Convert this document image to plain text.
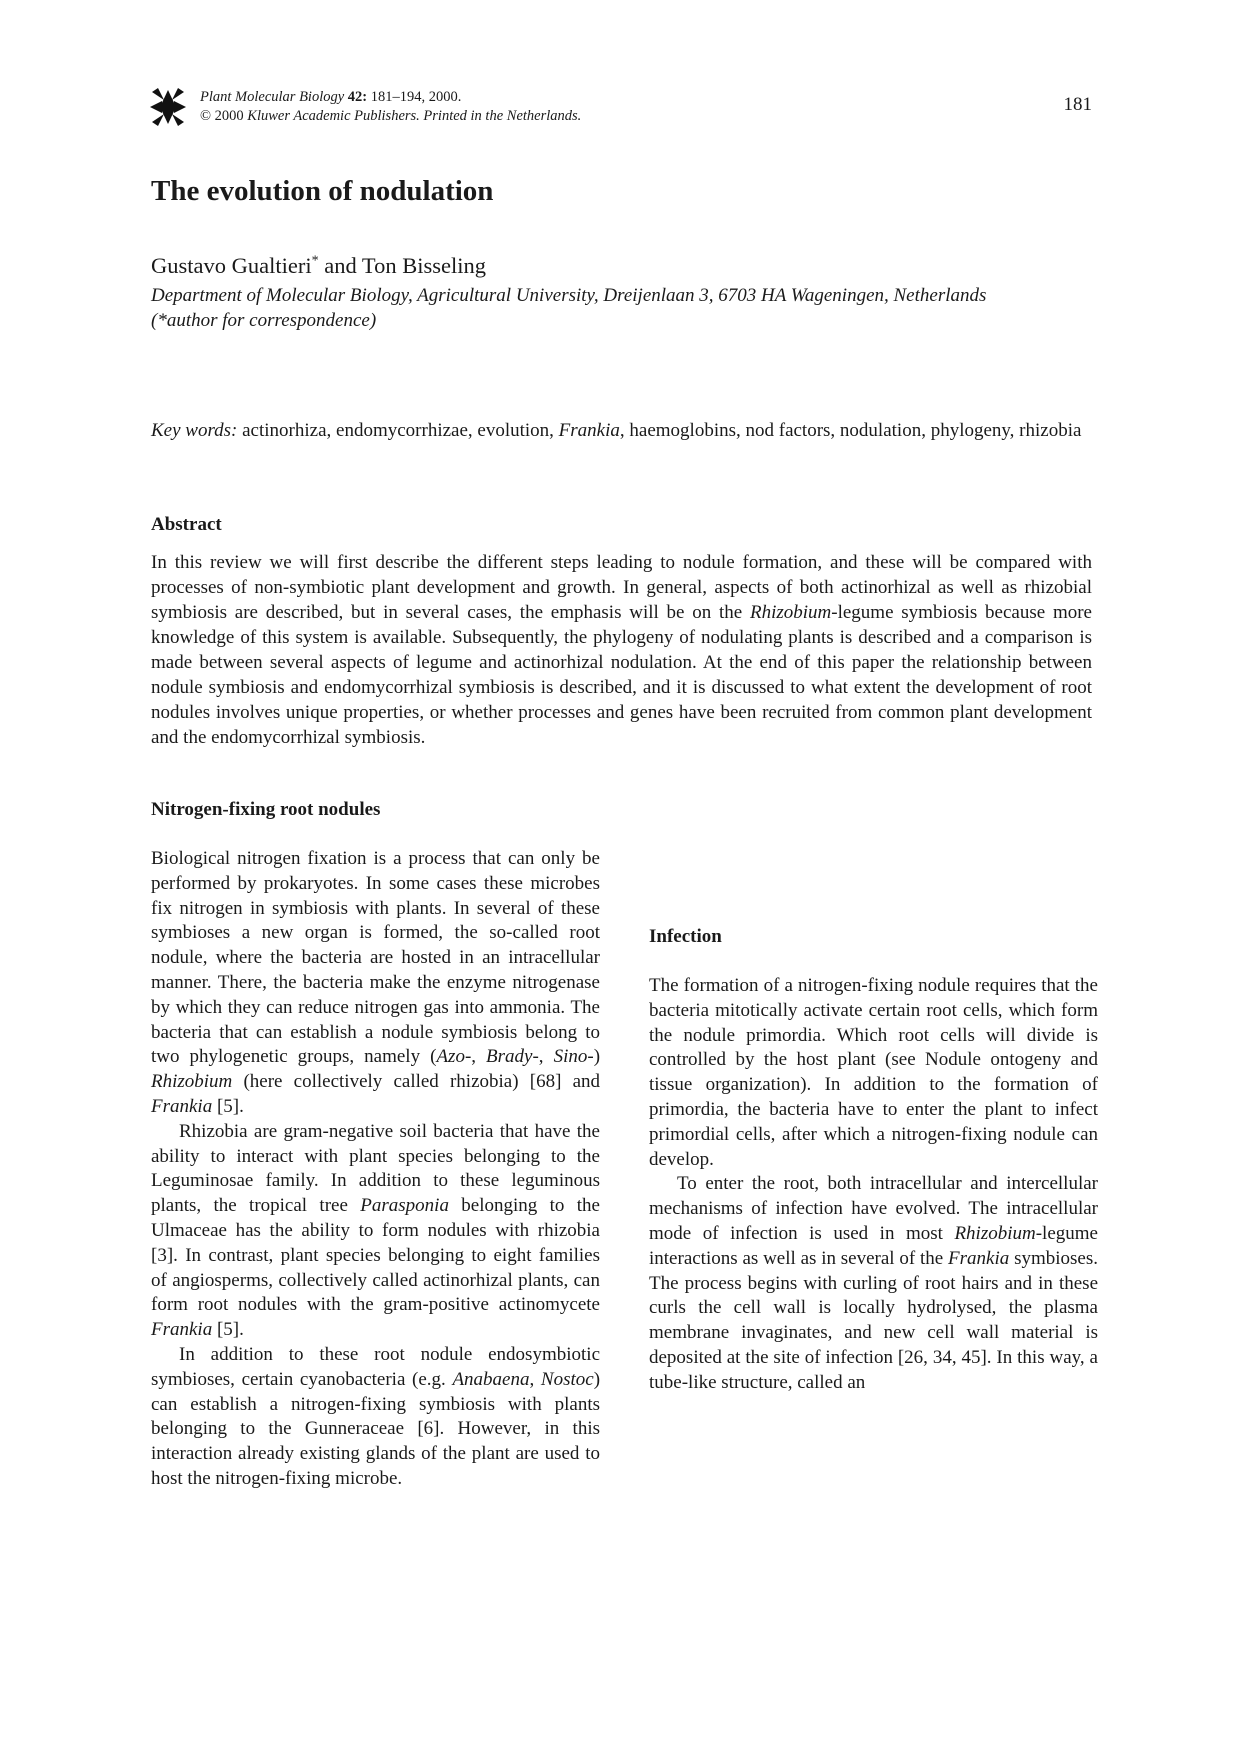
Plant Molecular Biology 42: 181–194, 2000.
© 2000 Kluwer Academic Publishers. Printed in the Netherlands.
181
The evolution of nodulation
Gustavo Gualtieri* and Ton Bisseling
Department of Molecular Biology, Agricultural University, Dreijenlaan 3, 6703 HA Wageningen, Netherlands
(*author for correspondence)
Key words: actinorhiza, endomycorrhizae, evolution, Frankia, haemoglobins, nod factors, nodulation, phylogeny, rhizobia
Abstract

In this review we will first describe the different steps leading to nodule formation, and these will be compared with processes of non-symbiotic plant development and growth. In general, aspects of both actinorhizal as well as rhizobial symbiosis are described, but in several cases, the emphasis will be on the Rhizobium-legume symbiosis because more knowledge of this system is available. Subsequently, the phylogeny of nodulating plants is described and a comparison is made between several aspects of legume and actinorhizal nodulation. At the end of this paper the relationship between nodule symbiosis and endomycorrhizal symbiosis is described, and it is discussed to what extent the development of root nodules involves unique properties, or whether processes and genes have been recruited from common plant development and the endomycorrhizal symbiosis.

Nitrogen-fixing root nodules

Biological nitrogen fixation is a process that can only be performed by prokaryotes. In some cases these microbes fix nitrogen in symbiosis with plants. In several of these symbioses a new organ is formed, the so-called root nodule, where the bacteria are hosted in an intracellular manner. There, the bacteria make the enzyme nitrogenase by which they can reduce nitrogen gas into ammonia. The bacteria that can establish a nodule symbiosis belong to two phylogenetic groups, namely (Azo-, Brady-, Sino-) Rhizobium (here collectively called rhizobia) [68] and Frankia [5].

Rhizobia are gram-negative soil bacteria that have the ability to interact with plant species belonging to the Leguminosae family. In addition to these leguminous plants, the tropical tree Parasponia belonging to the Ulmaceae has the ability to form nodules with rhizobia [3]. In contrast, plant species belonging to eight families of angiosperms, collectively called actinorhizal plants, can form root nodules with the gram-positive actinomycete Frankia [5].

In addition to these root nodule endosymbiotic symbioses, certain cyanobacteria (e.g. Anabaena, Nostoc) can establish a nitrogen-fixing symbiosis with plants belonging to the Gunneraceae [6]. However, in this interaction already existing glands of the plant are used to host the nitrogen-fixing microbe.

Infection

The formation of a nitrogen-fixing nodule requires that the bacteria mitotically activate certain root cells, which form the nodule primordia. Which root cells will divide is controlled by the host plant (see Nodule ontogeny and tissue organization). In addition to the formation of primordia, the bacteria have to enter the plant to infect primordial cells, after which a nitrogen-fixing nodule can develop.

To enter the root, both intracellular and intercellular mechanisms of infection have evolved. The intracellular mode of infection is used in most Rhizobium-legume interactions as well as in several of the Frankia symbioses. The process begins with curling of root hairs and in these curls the cell wall is locally hydrolysed, the plasma membrane invaginates, and new cell wall material is deposited at the site of infection [26, 34, 45]. In this way, a tube-like structure, called an
